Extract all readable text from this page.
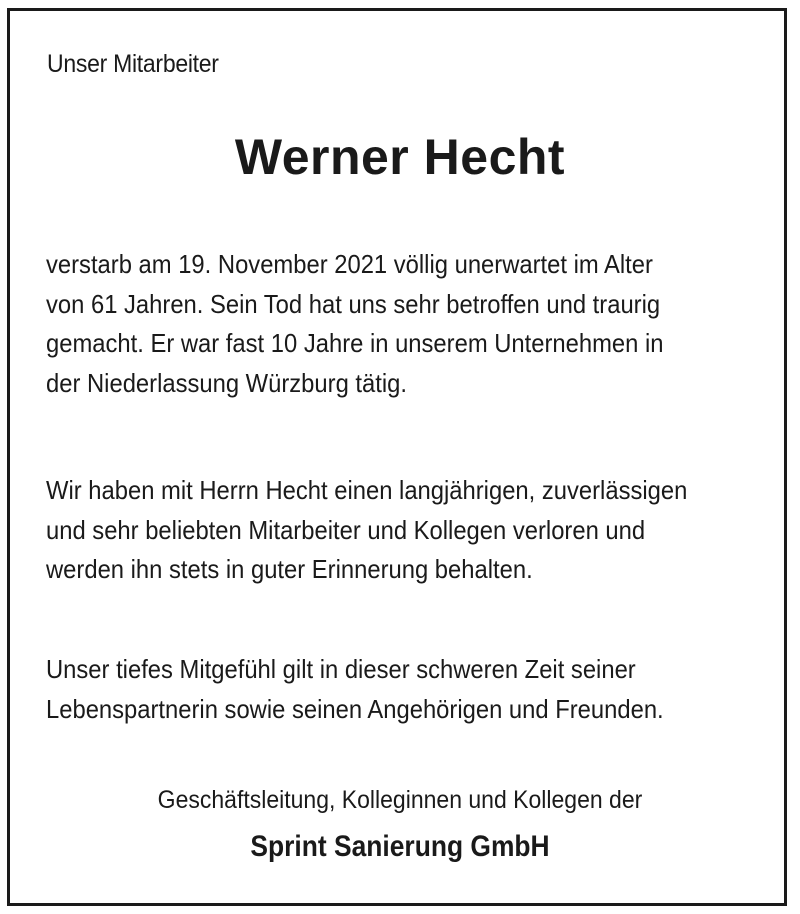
Unser Mitarbeiter
Werner Hecht

verstarb am 19. November 2021 völlig unerwartet im Alter
von 61 Jahren. Sein Tod hat uns sehr betroffen und traurig
gemacht. Er war fast 10 Jahre in unserem Unternehmen in
der Niederlassung Würzburg tätig.

Wir haben mit Herrn Hecht einen langjährigen, zuverlässigen
und sehr beliebten Mitarbeiter und Kollegen verloren und
werden ihn stets in guter Erinnerung behalten.

Unser tiefes Mitgefühl gilt in dieser schweren Zeit seiner
Lebenspartnerin sowie seinen Angehörigen und Freunden.

Geschäftsleitung, Kolleginnen und Kollegen der
Sprint Sanierung GmbH
